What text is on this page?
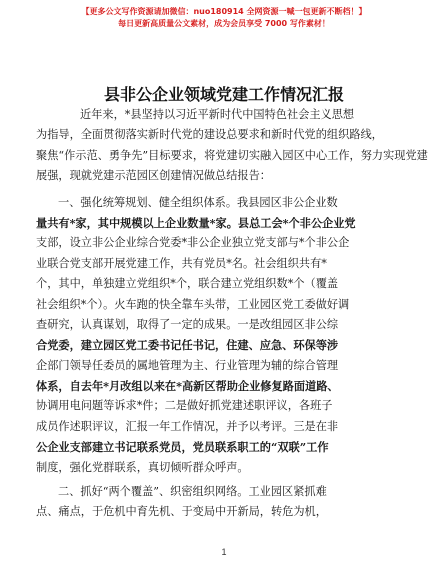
【更多公文写作资源请加微信：nuo180914 全网资源一喊一包更新不断档！】
每日更新高质量公文素材，成为会员享受 7000 写作素材！
县非公企业领域党建工作情况汇报
近年来，*县坚持以习近平新时代中国特色社会主义思想
为指导，全面贯彻落实新时代党的建设总要求和新时代党的组织路线，
聚焦“作示范、勇争先”目标要求，将党建切实融入园区中心工作，努力实现党建
展强，现就党建示范园区创建情况做总结报告：
一、强化统筹规划、健全组织体系。我县园区非公企业数
量共有*家，其中规模以上企业数量*家。县总工会*个非公企业党
支部，设立非公企业综合党委*非公企业独立党支部与*个非公企
业联合党支部开展党建工作，共有党员*名。社会组织共有*
个，其中，单独建立党组织*个，联合建立党组织数*个（覆盖
社会组织*个）。火车跑的快全靠车头带，工业园区党工委做好调
查研究，认真谋划，取得了一定的成果。一是改组园区非公综
合党委，建立园区党工委书记任书记，住建、应急、环保等涉
企部门领导任委员的属地管理为主、行业管理为辅的综合管理
体系，自去年*月改组以来在*高新区帮助企业修复路面道路、
协调用电问题等诉求*件；二是做好抓党建述职评议，各班子
成员作述职评议，汇报一年工作情况，并予以考评。三是在非
公企业支部建立书记联系党员，党员联系职工的“双联”工作
制度，强化党群联系，真切倾听群众呼声。
二、抓好“两个覆盖”、织密组织网络。工业园区紧抓难
点、痛点，于危机中育先机、于变局中开新局，转危为机，
1
